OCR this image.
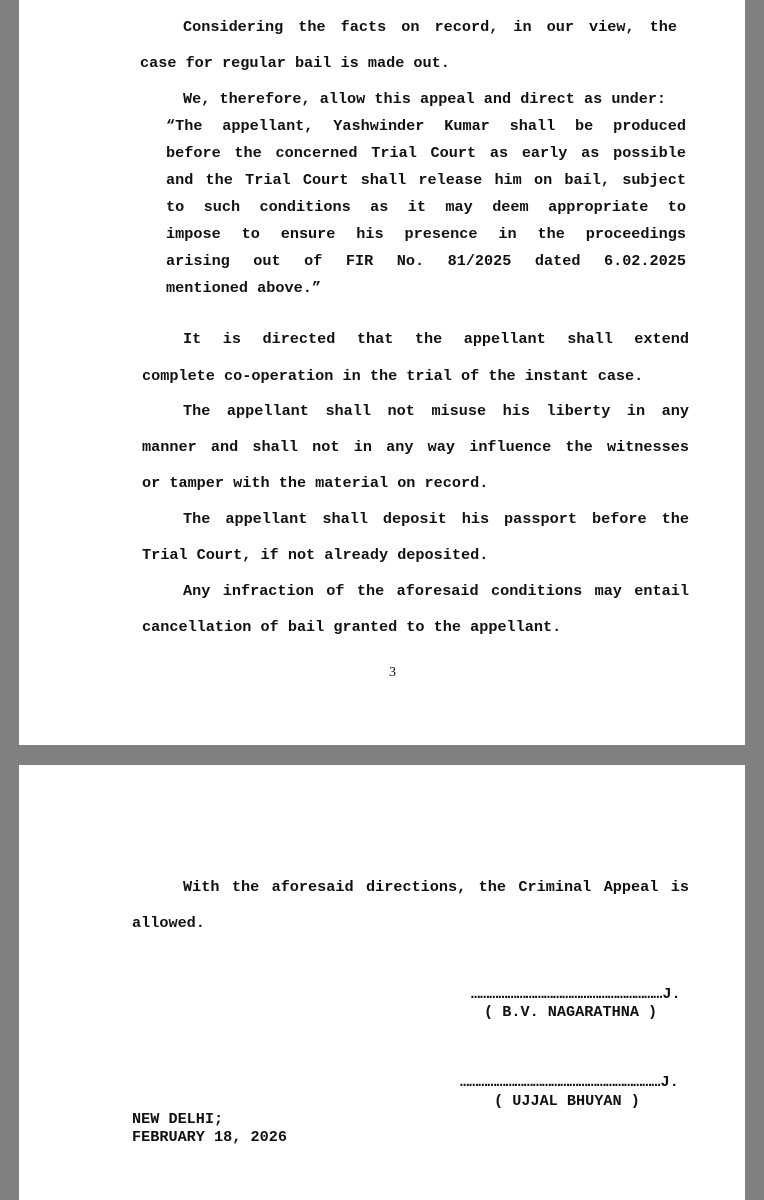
Considering the facts on record, in our view, the

case for regular bail is made out.

We, therefore, allow this appeal and direct as under:

“The appellant, Yashwinder Kumar shall be produced

before the concerned Trial Court as early as possible

and the Trial Court shall release him on bail, subject

to such conditions as it may deem appropriate to

impose to ensure his presence in the proceedings

arising out of FIR No. 81/2025 dated 6.02.2025

mentioned above.”

It is directed that the appellant shall extend

complete co-operation in the trial of the instant case.

The appellant shall not misuse his liberty in any

manner and shall not in any way influence the witnesses

or tamper with the material on record.

The appellant shall deposit his passport before the

Trial Court, if not already deposited.

Any infraction of the aforesaid conditions may entail

cancellation of bail granted to the appellant.

3

With the aforesaid directions, the Criminal Appeal is

allowed.

………………………………………………………J.

( B.V. NAGARATHNA )

…………………………………………………………J.

( UJJAL BHUYAN )

NEW DELHI;

FEBRUARY 18, 2026
